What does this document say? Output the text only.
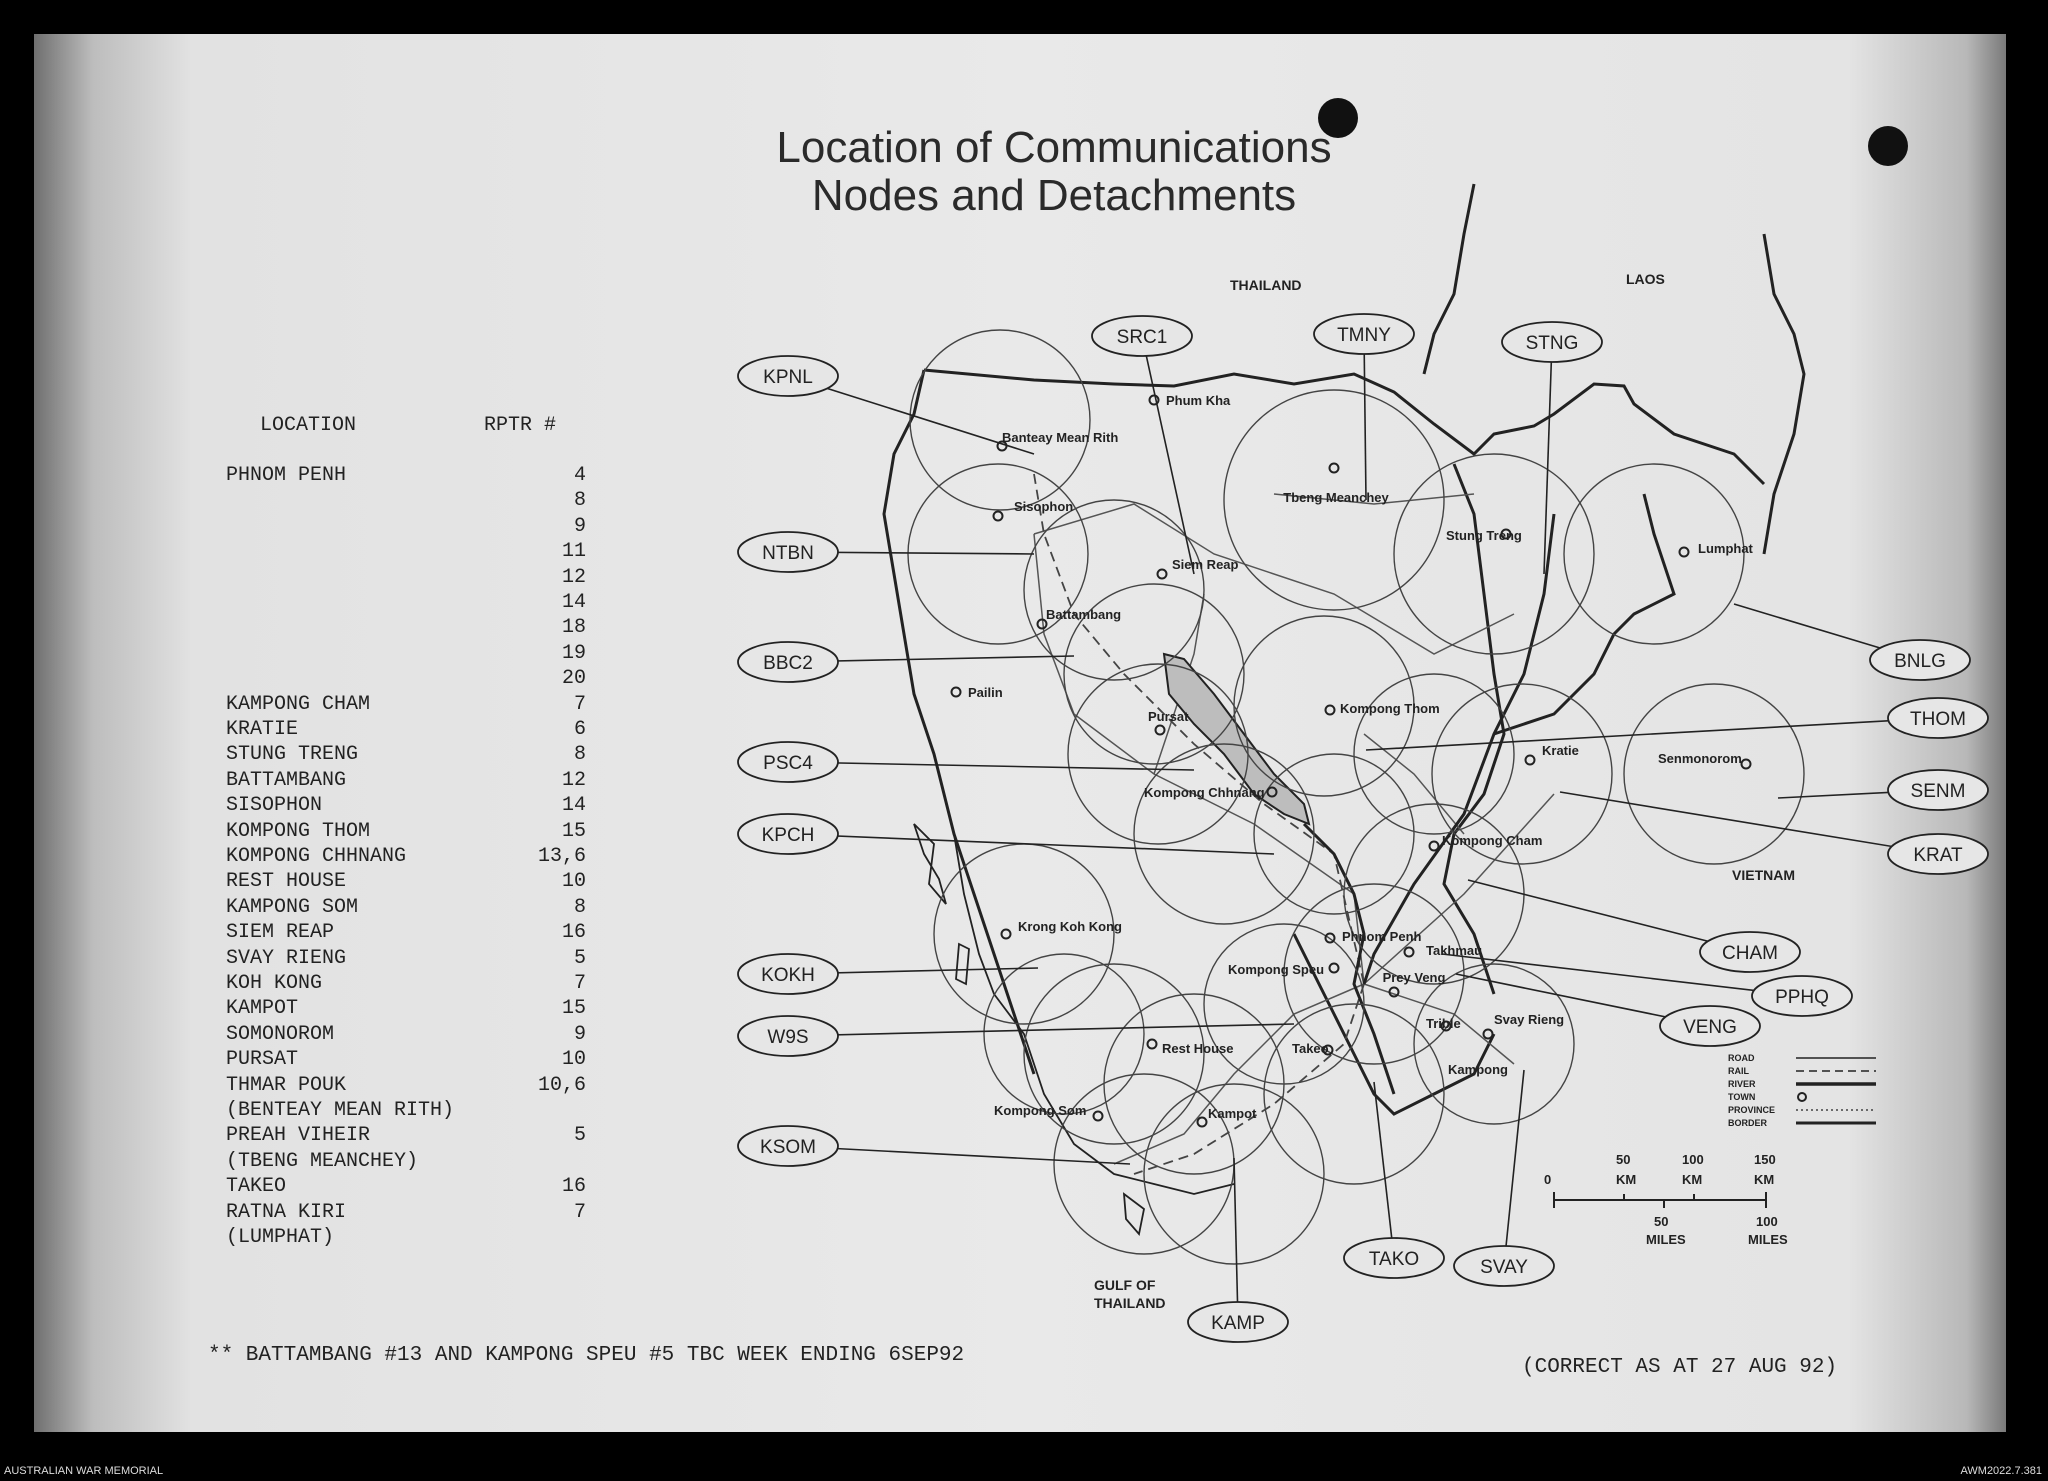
Location of Communications
Nodes and Detachments
LOCATION	RPTR #
PHNOM PENH	4
8
9
11
12
14
18
19
20
KAMPONG CHAM	7
KRATIE	6
STUNG TRENG	8
BATTAMBANG	12
SISOPHON	14
KOMPONG THOM	15
KOMPONG CHHNANG	13,6
REST HOUSE	10
KAMPONG SOM	8
SIEM REAP	16
SVAY RIENG	5
KOH KONG	7
KAMPOT	15
SOMONOROM	9
PURSAT	10
THMAR POUK	10,6
(BENTEAY MEAN RITH)
PREAH VIHEIR	5
(TBENG MEANCHEY)
TAKEO	16
RATNA KIRI	7
(LUMPHAT)
Phum Kha
Banteay Mean Rith
Tbeng Meanchey
Sisophon
Siem Reap
Stung Treng
Lumphat
Battambang
Pailin
Pursat
Kompong Thom
Kratie
Senmonorom
Kompong Chhnang
Kompong Cham
Krong Koh Kong
Phnom Penh
Kompong Speu
Takhmau
Prey Veng
Trible	Svay Rieng
Rest House	Takeo
Kompong Som	Kampot
Kampong
SRC1	TMNY	STNG
KPNL
NTBN
BBC2
PSC4
KPCH
KOKH
W9S
KSOM
KAMP
TAKO	SVAY
BNLG
THOM
SENM
KRAT
CHAM
PPHQ
VENG
THAILAND	LAOS
VIETNAM
GULF OF
THAILAND
ROAD
RAIL
RIVER
TOWN
PROVINCE
BORDER
0
50
KM
100
KM
150
KM
50
MILES
100
MILES
** BATTAMBANG #13 AND KAMPONG SPEU #5 TBC WEEK ENDING 6SEP92
(CORRECT AS AT 27 AUG 92)
AUSTRALIAN WAR MEMORIAL	AWM2022.7.381
